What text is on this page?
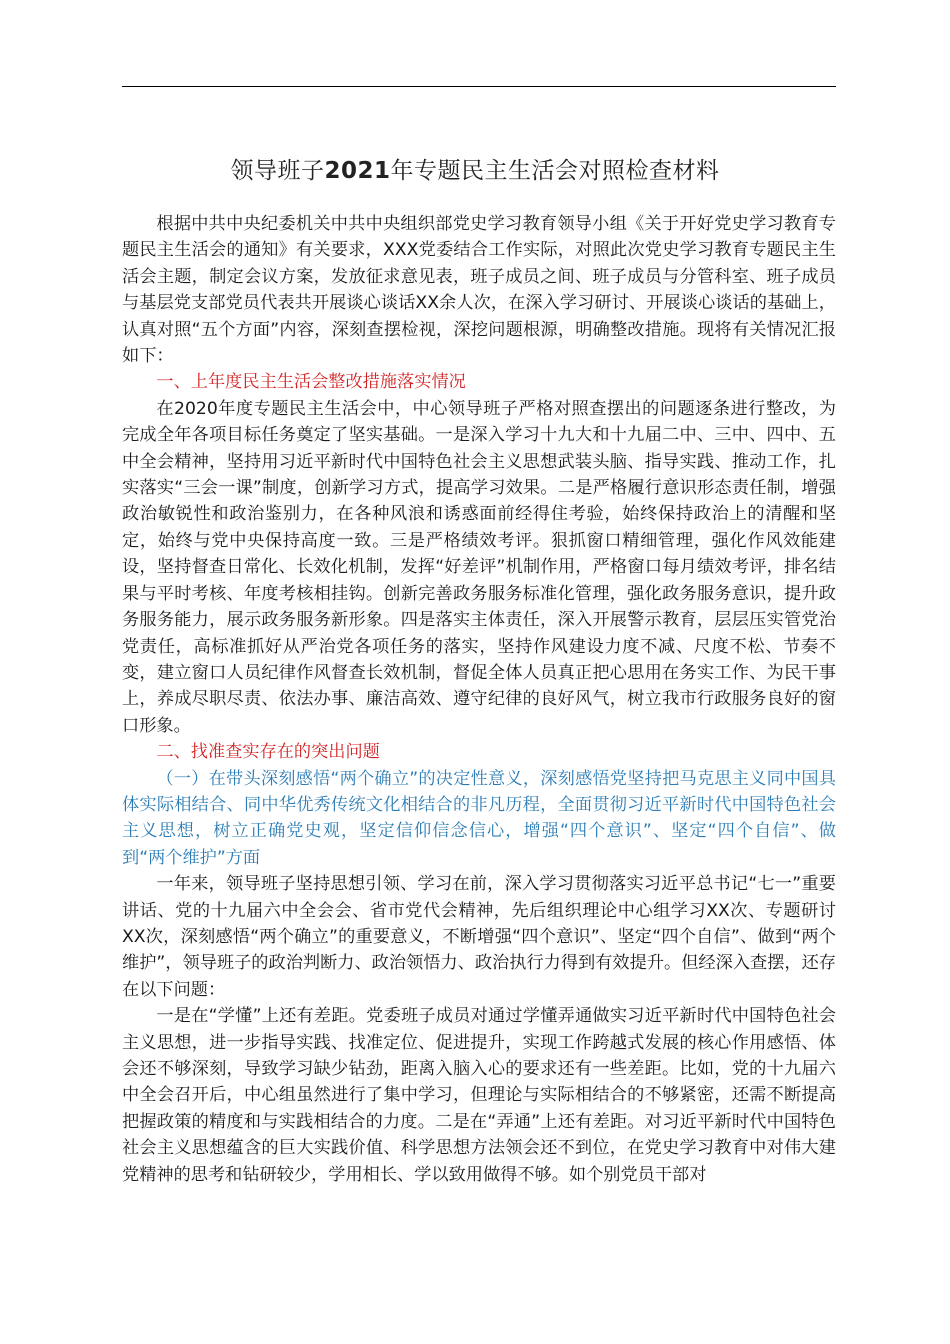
领导班子2021年专题民主生活会对照检查材料

根据中共中央纪委机关中共中央组织部党史学习教育领导小组《关于开好党史学习教育专题民主生活会的通知》有关要求，XXX党委结合工作实际，对照此次党史学习教育专题民主生活会主题，制定会议方案，发放征求意见表，班子成员之间、班子成员与分管科室、班子成员与基层党支部党员代表共开展谈心谈话XX余人次，在深入学习研讨、开展谈心谈话的基础上，认真对照“五个方面”内容，深刻查摆检视，深挖问题根源，明确整改措施。现将有关情况汇报如下：

一、上年度民主生活会整改措施落实情况

在2020年度专题民主生活会中，中心领导班子严格对照查摆出的问题逐条进行整改，为完成全年各项目标任务奠定了坚实基础。一是深入学习十九大和十九届二中、三中、四中、五中全会精神，坚持用习近平新时代中国特色社会主义思想武装头脑、指导实践、推动工作，扎实落实“三会一课”制度，创新学习方式，提高学习效果。二是严格履行意识形态责任制，增强政治敏锐性和政治鉴别力，在各种风浪和诱惑面前经得住考验，始终保持政治上的清醒和坚定，始终与党中央保持高度一致。三是严格绩效考评。狠抓窗口精细管理，强化作风效能建设，坚持督查日常化、长效化机制，发挥“好差评”机制作用，严格窗口每月绩效考评，排名结果与平时考核、年度考核相挂钩。创新完善政务服务标准化管理，强化政务服务意识，提升政务服务能力，展示政务服务新形象。四是落实主体责任，深入开展警示教育，层层压实管党治党责任，高标准抓好从严治党各项任务的落实，坚持作风建设力度不减、尺度不松、节奏不变，建立窗口人员纪律作风督查长效机制，督促全体人员真正把心思用在务实工作、为民干事上，养成尽职尽责、依法办事、廉洁高效、遵守纪律的良好风气，树立我市行政服务良好的窗口形象。

二、找准查实存在的突出问题

（一）在带头深刻感悟“两个确立”的决定性意义，深刻感悟党坚持把马克思主义同中国具体实际相结合、同中华优秀传统文化相结合的非凡历程，全面贯彻习近平新时代中国特色社会主义思想，树立正确党史观，坚定信仰信念信心，增强“四个意识”、坚定“四个自信”、做到“两个维护”方面

一年来，领导班子坚持思想引领、学习在前，深入学习贯彻落实习近平总书记“七一”重要讲话、党的十九届六中全会会、省市党代会精神，先后组织理论中心组学习XX次、专题研讨XX次，深刻感悟“两个确立”的重要意义，不断增强“四个意识”、坚定“四个自信”、做到“两个维护”，领导班子的政治判断力、政治领悟力、政治执行力得到有效提升。但经深入查摆，还存在以下问题：

一是在“学懂”上还有差距。党委班子成员对通过学懂弄通做实习近平新时代中国特色社会主义思想，进一步指导实践、找准定位、促进提升，实现工作跨越式发展的核心作用感悟、体会还不够深刻，导致学习缺少钻劲，距离入脑入心的要求还有一些差距。比如，党的十九届六中全会召开后，中心组虽然进行了集中学习，但理论与实际相结合的不够紧密，还需不断提高把握政策的精度和与实践相结合的力度。二是在“弄通”上还有差距。对习近平新时代中国特色社会主义思想蕴含的巨大实践价值、科学思想方法领会还不到位，在党史学习教育中对伟大建党精神的思考和钻研较少，学用相长、学以致用做得不够。如个别党员干部对
